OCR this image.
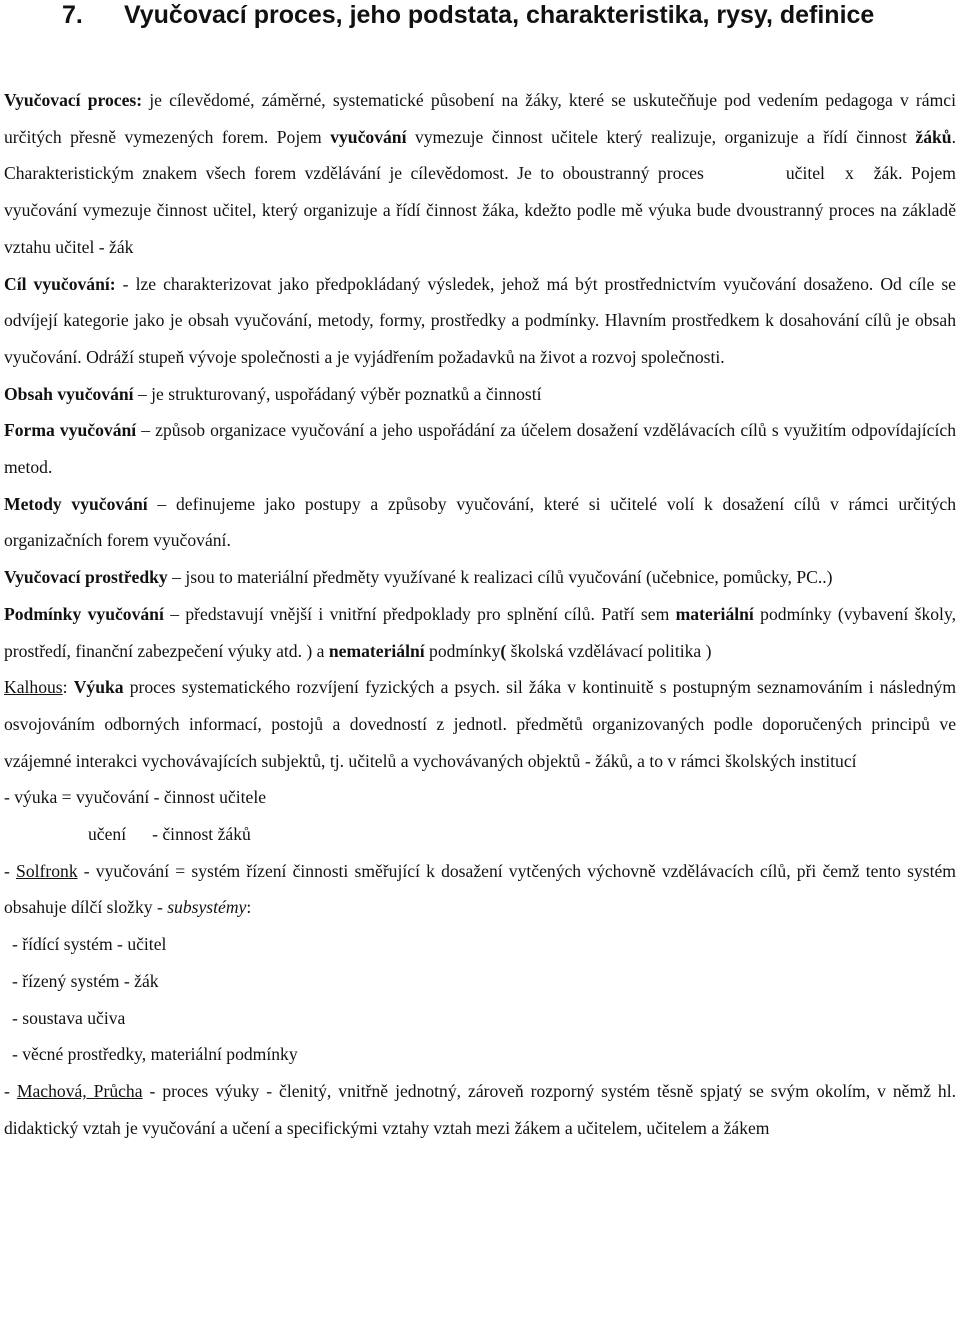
7. Vyučovací proces, jeho podstata, charakteristika, rysy, definice

Vyučovací proces: je cílevědomé, záměrné, systematické působení na žáky, které se uskutečňuje pod vedením pedagoga v rámci určitých přesně vymezených forem. Pojem vyučování vymezuje činnost učitele který realizuje, organizuje a řídí činnost žáků. Charakteristickým znakem všech forem vzdělávání je cílevědomost. Je to oboustranný proces	učitel x žák. Pojem vyučování vymezuje činnost učitel, který organizuje a řídí činnost žáka, kdežto podle mě výuka bude dvoustranný proces na základě vztahu učitel - žák

Cíl vyučování: - lze charakterizovat jako předpokládaný výsledek, jehož má být prostřednictvím vyučování dosaženo. Od cíle se odvíjejí kategorie jako je obsah vyučování, metody, formy, prostředky a podmínky. Hlavním prostředkem k dosahování cílů je obsah vyučování. Odráží stupeň vývoje společnosti a je vyjádřením požadavků na život a rozvoj společnosti.

Obsah vyučování – je strukturovaný, uspořádaný výběr poznatků a činností

Forma vyučování – způsob organizace vyučování a jeho uspořádání za účelem dosažení vzdělávacích cílů s využitím odpovídajících metod.

Metody vyučování – definujeme jako postupy a způsoby vyučování, které si učitelé volí k dosažení cílů v rámci určitých organizačních forem vyučování.

Vyučovací prostředky – jsou to materiální předměty využívané k realizaci cílů vyučování (učebnice, pomůcky, PC..)

Podmínky vyučování – představují vnější i vnitřní předpoklady pro splnění cílů. Patří sem materiální podmínky (vybavení školy, prostředí, finanční zabezpečení výuky atd. ) a nemateriální podmínky( školská vzdělávací politika )

Kalhous: Výuka proces systematického rozvíjení fyzických a psych. sil žáka v kontinuitě s postupným seznamováním i následným osvojováním odborných informací, postojů a dovedností z jednotl. předmětů organizovaných podle doporučených principů ve vzájemné interakci vychovávajících subjektů, tj. učitelů a vychovávaných objektů - žáků, a to v rámci školských institucí

- výuka = vyučování - činnost učitele

učení - činnost žáků

- Solfronk - vyučování = systém řízení činnosti směřující k dosažení vytčených výchovně vzdělávacích cílů, při čemž tento systém obsahuje dílčí složky - subsystémy:

- řídící systém - učitel

- řízený systém - žák

- soustava učiva

- věcné prostředky, materiální podmínky

- Machová, Průcha - proces výuky - členitý, vnitřně jednotný, zároveň rozporný systém těsně spjatý se svým okolím, v němž hl. didaktický vztah je vyučování a učení a specifickými vztahy vztah mezi žákem a učitelem, učitelem a žákem
